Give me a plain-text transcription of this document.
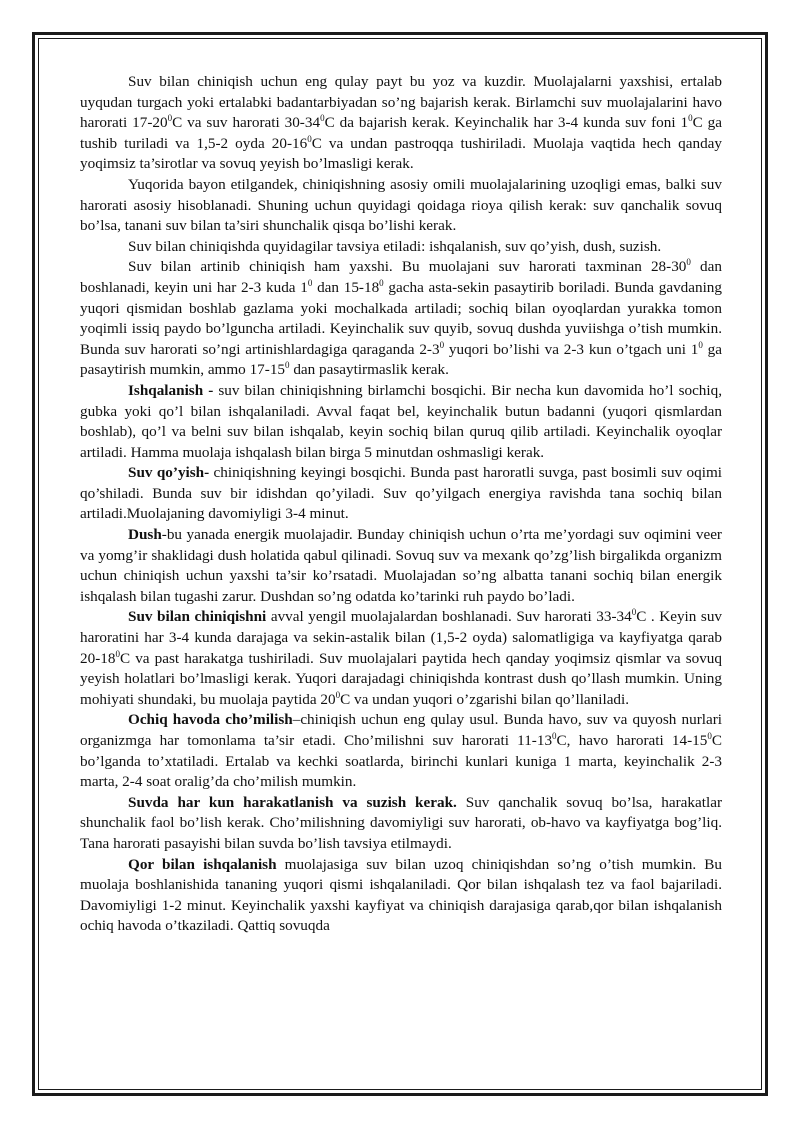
Suv bilan chiniqish uchun eng qulay payt bu yoz va kuzdir. Muolajalarni yaxshisi, ertalab uyqudan turgach yoki ertalabki badantarbiyadan so’ng bajarish kerak. Birlamchi suv muolajalarini havo harorati $17-20^0C$ va suv harorati $30-34^0C$ da bajarish kerak. Keyinchalik har 3-4 kunda suv foni $1^0C$ ga tushib turiladi va 1,5-2 oyda $20-16^0C$ va undan pastroqqa tushiriladi. Muolaja vaqtida hech qanday yoqimsiz ta’sirotlar va sovuq yeyish bo’lmasligi kerak.

Yuqorida bayon etilgandek, chiniqishning asosiy omili muolajalarining uzoqligi emas, balki suv harorati asosiy hisoblanadi. Shuning uchun quyidagi qoidaga rioya qilish kerak: suv qanchalik sovuq bo’lsa, tanani suv bilan ta’siri shunchalik qisqa bo’lishi kerak.

Suv bilan chiniqishda quyidagilar tavsiya etiladi: ishqalanish, suv qo’yish, dush, suzish.

Suv bilan artinib chiniqish ham yaxshi. Bu muolajani suv harorati taxminan $28-30^0$ dan boshlanadi, keyin uni har 2-3 kuda $1^0$ dan $15-18^0$ gacha asta-sekin pasaytirib boriladi. Bunda gavdaning yuqori qismidan boshlab gazlama yoki mochalkada artiladi; sochiq bilan oyoqlardan yurakka tomon yoqimli issiq paydo bo’lguncha artiladi. Keyinchalik suv quyib, sovuq dushda yuviishga o’tish mumkin. Bunda suv harorati so’ngi artinishlardagiga qaraganda $2-3^0$ yuqori bo’lishi va 2-3 kun o’tgach uni $1^0$ ga pasaytirish mumkin, ammo $17-15^0$ dan pasaytirmaslik kerak.

Ishqalanish - suv bilan chiniqishning birlamchi bosqichi. Bir necha kun davomida ho’l sochiq, gubka yoki qo’l bilan ishqalaniladi. Avval faqat bel, keyinchalik butun badanni (yuqori qismlardan boshlab), qo’l va belni suv bilan ishqalab, keyin sochiq bilan quruq qilib artiladi. Keyinchalik oyoqlar artiladi. Hamma muolaja ishqalash bilan birga 5 minutdan oshmasligi kerak.

Suv qo’yish- chiniqishning keyingi bosqichi. Bunda past haroratli suvga, past bosimli suv oqimi qo’shiladi. Bunda suv bir idishdan qo’yiladi. Suv qo’yilgach energiya ravishda tana sochiq bilan artiladi.Muolajaning davomiyligi 3-4 minut.

Dush-bu yanada energik muolajadir. Bunday chiniqish uchun o’rta me’yordagi suv oqimini veer va yomg’ir shaklidagi dush holatida qabul qilinadi. Sovuq suv va mexank qo’zg’lish birgalikda organizm uchun chiniqish uchun yaxshi ta’sir ko’rsatadi. Muolajadan so’ng albatta tanani sochiq bilan energik ishqalash bilan tugashi zarur. Dushdan so’ng odatda ko’tarinki ruh paydo bo’ladi.

Suv bilan chiniqishni avval yengil muolajalardan boshlanadi. Suv harorati $33-34^0C$ . Keyin suv haroratini har 3-4 kunda darajaga va sekin-astalik bilan (1,5-2 oyda) salomatligiga va kayfiyatga qarab $20-18^0C$ va past harakatga tushiriladi. Suv muolajalari paytida hech qanday yoqimsiz qismlar va sovuq yeyish holatlari bo’lmasligi kerak. Yuqori darajadagi chiniqishda kontrast dush qo’llash mumkin. Uning mohiyati shundaki, bu muolaja paytida $20^0C$ va undan yuqori o’zgarishi bilan qo’llaniladi.

Ochiq havoda cho’milish–chiniqish uchun eng qulay usul. Bunda havo, suv va quyosh nurlari organizmga har tomonlama ta’sir etadi. Cho’milishni suv harorati $11-13^0C$, havo harorati $14-15^0C$ bo’lganda to’xtatiladi. Ertalab va kechki soatlarda, birinchi kunlari kuniga 1 marta, keyinchalik 2-3 marta, 2-4 soat oralig’da cho’milish mumkin.

Suvda har kun harakatlanish va suzish kerak. Suv qanchalik sovuq bo’lsa, harakatlar shunchalik faol bo’lish kerak. Cho’milishning davomiyligi suv harorati, ob-havo va kayfiyatga bog’liq. Tana harorati pasayishi bilan suvda bo’lish tavsiya etilmaydi.

Qor bilan ishqalanish muolajasiga suv bilan uzoq chiniqishdan so’ng o’tish mumkin. Bu muolaja boshlanishida tananing yuqori qismi ishqalaniladi. Qor bilan ishqalash tez va faol bajariladi. Davomiyligi 1-2 minut. Keyinchalik yaxshi kayfiyat va chiniqish darajasiga qarab,qor bilan ishqalanish ochiq havoda o’tkaziladi. Qattiq sovuqda
